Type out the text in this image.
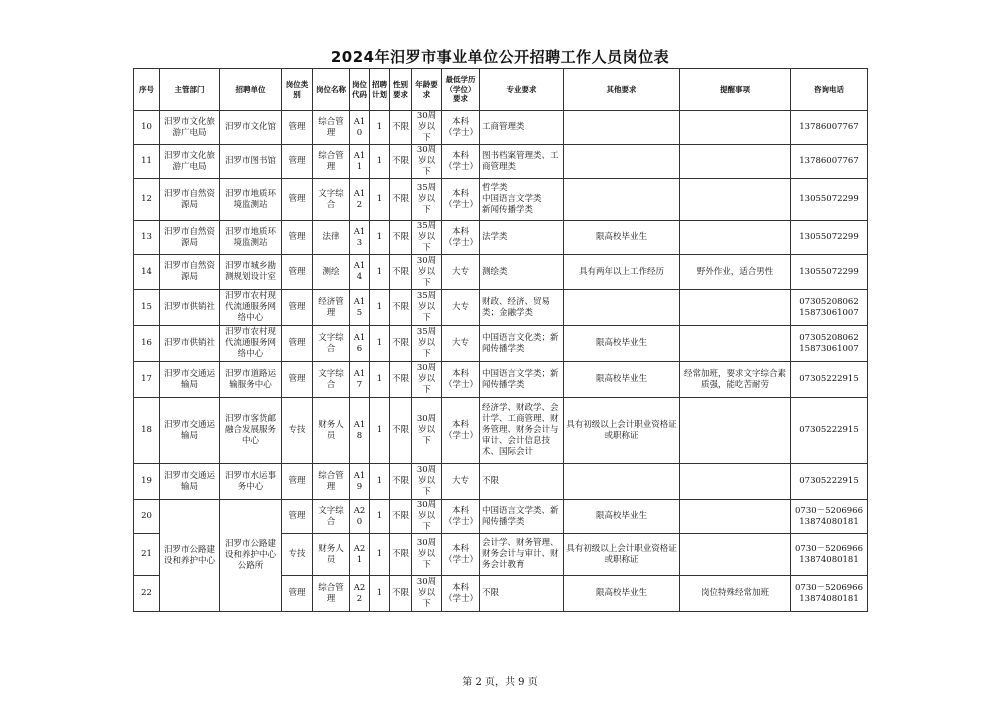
2024年汨罗市事业单位公开招聘工作人员岗位表
序号	主管部门	招聘单位	岗位类别	岗位名称	岗位代码	招聘计划	性别要求	年龄要求	最低学历（学位）要求	专业要求	其他要求	提醒事项	咨询电话
10	汨罗市文化旅游广电局	汨罗市文化馆	管理	综合管理	A10	1	不限	30周岁以下	本科（学士）	工商管理类			13786007767
11	汨罗市文化旅游广电局	汨罗市图书馆	管理	综合管理	A11	1	不限	30周岁以下	本科（学士）	图书档案管理类、工商管理类			13786007767
12	汨罗市自然资源局	汨罗市地质环境监测站	管理	文字综合	A12	1	不限	35周岁以下	本科（学士）	哲学类
中国语言文学类
新闻传播学类			13055072299
13	汨罗市自然资源局	汨罗市地质环境监测站	管理	法律	A13	1	不限	35周岁以下	本科（学士）	法学类	限高校毕业生		13055072299
14	汨罗市自然资源局	汨罗市城乡勘测规划设计室	管理	测绘	A14	1	不限	30周岁以下	大专	测绘类	具有两年以上工作经历	野外作业，适合男性	13055072299
15	汨罗市供销社	汨罗市农村现代流通服务网络中心	管理	经济管理	A15	1	不限	35周岁以下	大专	财政、经济、贸易类；金融学类			07305208062
15873061007
16	汨罗市供销社	汨罗市农村现代流通服务网络中心	管理	文字综合	A16	1	不限	35周岁以下	大专	中国语言文化类；新闻传播学类	限高校毕业生		07305208062
15873061007
17	汨罗市交通运输局	汨罗市道路运输服务中心	管理	文字综合	A17	1	不限	30周岁以下	本科（学士）	中国语言文学类；新闻传播学类	限高校毕业生	经常加班，要求文字综合素质强，能吃苦耐劳	07305222915
18	汨罗市交通运输局	汨罗市客货邮融合发展服务中心	专技	财务人员	A18	1	不限	30周岁以下	本科（学士）	经济学、财政学、会计学、工商管理、财务管理、财务会计与审计、会计信息技术、国际会计	具有初级以上会计职业资格证或职称证		07305222915
19	汨罗市交通运输局	汨罗市水运事务中心	管理	综合管理	A19	1	不限	30周岁以下	大专	不限			07305222915
20	汨罗市公路建设和养护中心	汨罗市公路建设和养护中心公路所	管理	文字综合	A20	1	不限	30周岁以下	本科（学士）	中国语言文学类、新闻传播学类	限高校毕业生		0730－5206966
13874080181
21			专技	财务人员	A21	1	不限	30周岁以下	本科（学士）	会计学、财务管理、财务会计与审计、财务会计教育	具有初级以上会计职业资格证或职称证		0730－5206966
13874080181
22			管理	综合管理	A22	1	不限	30周岁以下	本科（学士）	不限	限高校毕业生	岗位特殊经常加班	0730－5206966
13874080181
第 2 页，共 9 页
